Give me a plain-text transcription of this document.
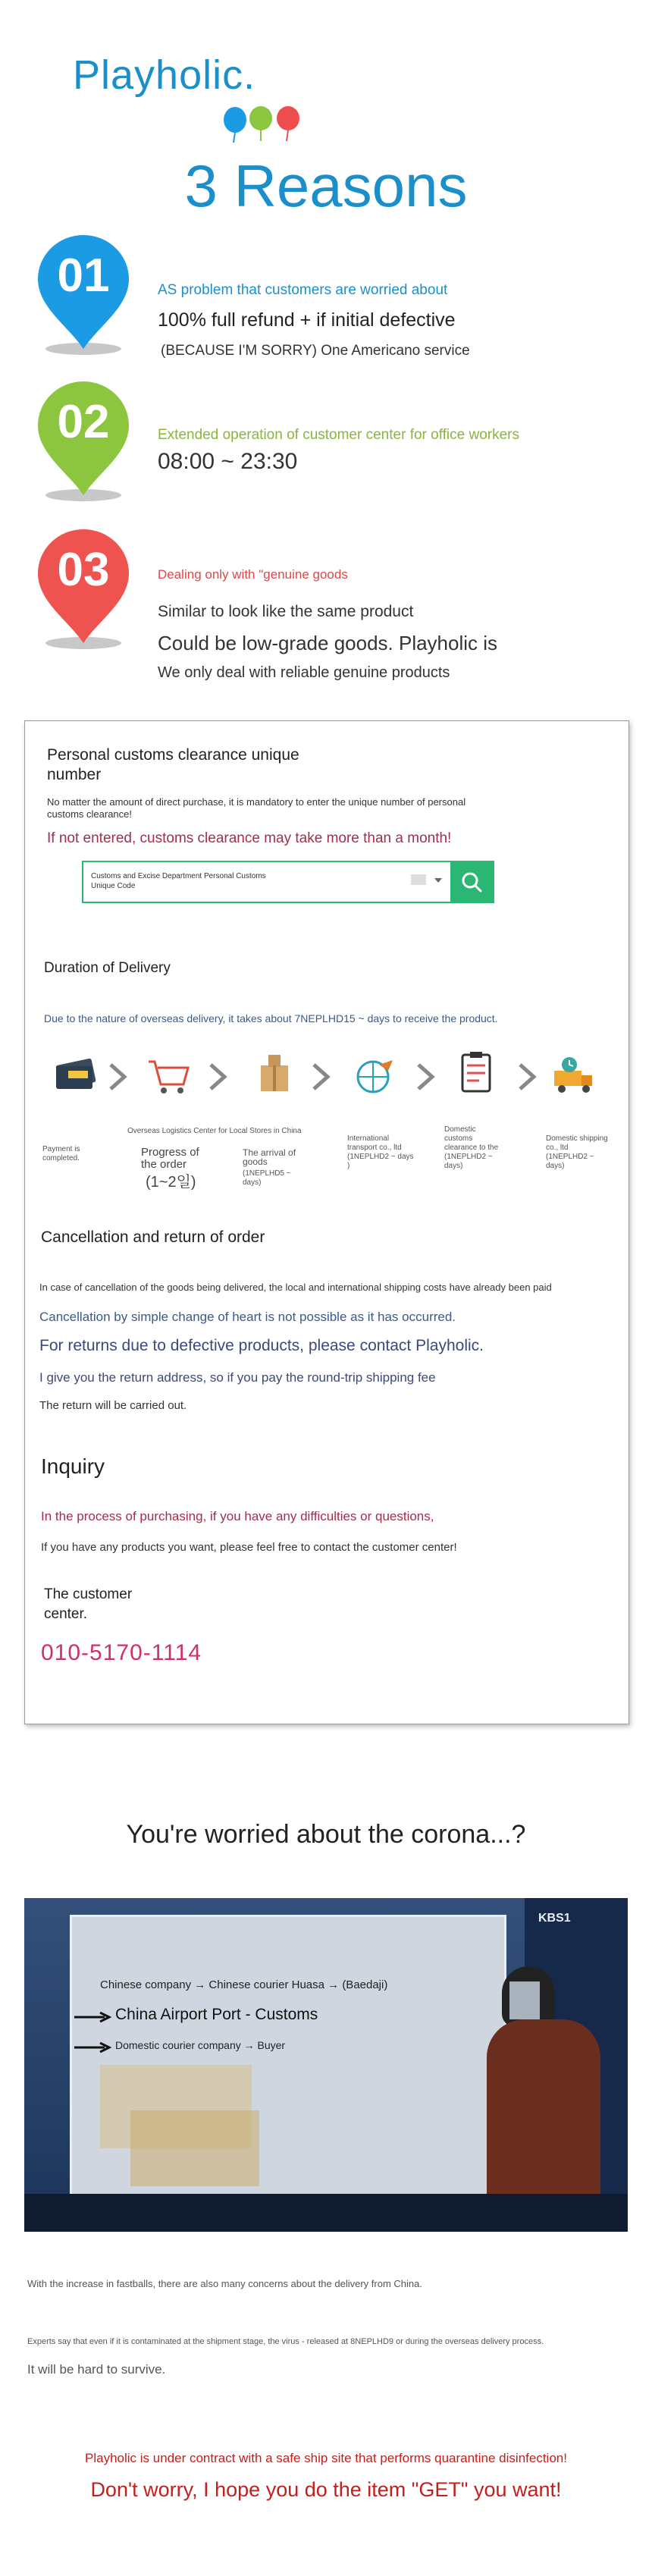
Playholic.
3 Reasons
01	AS problem that customers are worried about
100% full refund + if initial defective
(BECAUSE I'M SORRY) One Americano service
02	Extended operation of customer center for office workers
08:00 ~ 23:30
03	Dealing only with "genuine goods
Similar to look like the same product
Could be low-grade goods. Playholic is
We only deal with reliable genuine products
Personal customs clearance unique
number
No matter the amount of direct purchase, it is mandatory to enter the unique number of personal
customs clearance!
If not entered, customs clearance may take more than a month!
Customs and Excise Department Personal Customs
Unique Code
Duration of Delivery
Due to the nature of overseas delivery, it takes about 7NEPLHD15 ~ days to receive the product.
Payment is completed.
Overseas Logistics Center for Local Stores in China
Progress of the order
(1~2일)
The arrival of goods
(1NEPLHD5 ~ days)
International transport co., ltd (1NEPLHD2 ~ days )
Domestic customs clearance to the (1NEPLHD2 ~ days)
Domestic shipping co., ltd (1NEPLHD2 ~ days)
Cancellation and return of order
In case of cancellation of the goods being delivered, the local and international shipping costs have already been paid
Cancellation by simple change of heart is not possible as it has occurred.
For returns due to defective products, please contact Playholic.
I give you the return address, so if you pay the round-trip shipping fee
The return will be carried out.
Inquiry
In the process of purchasing, if you have any difficulties or questions,
If you have any products you want, please feel free to contact the customer center!
The customer
center.
010-5170-1114
You're worried about the corona...?
KBS1
Chinese company → Chinese courier Huasa → (Baedaji)
China Airport Port - Customs
Domestic courier company → Buyer
With the increase in fastballs, there are also many concerns about the delivery from China.
Experts say that even if it is contaminated at the shipment stage, the virus - released at 8NEPLHD9 or during the overseas delivery process.
It will be hard to survive.
Playholic is under contract with a safe ship site that performs quarantine disinfection!
Don't worry, I hope you do the item "GET" you want!
